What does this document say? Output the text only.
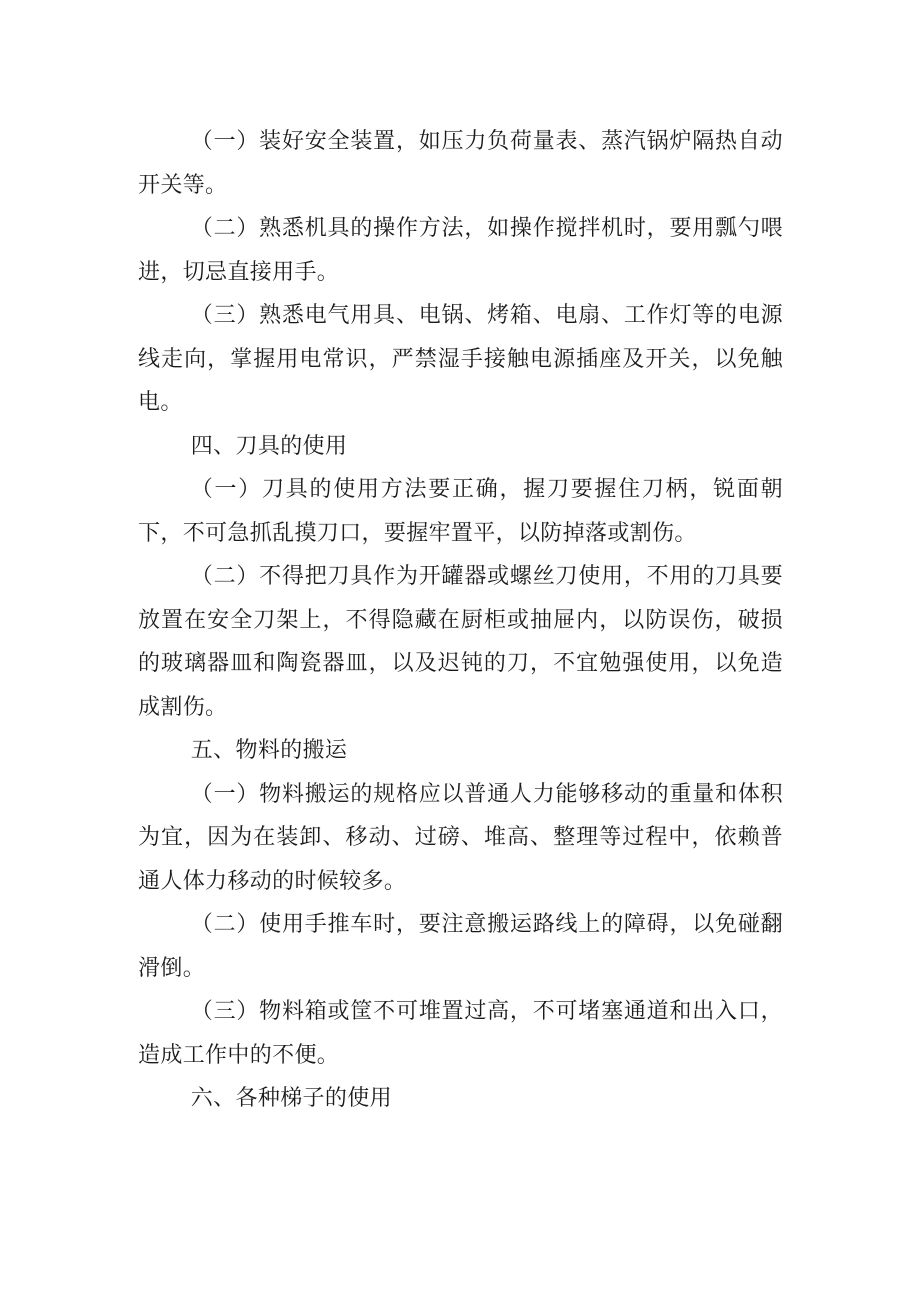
（一）装好安全装置，如压力负荷量表、蒸汽锅炉隔热自动开关等。

（二）熟悉机具的操作方法，如操作搅拌机时，要用瓢勺喂进，切忌直接用手。

（三）熟悉电气用具、电锅、烤箱、电扇、工作灯等的电源线走向，掌握用电常识，严禁湿手接触电源插座及开关，以免触电。

四、刀具的使用

（一）刀具的使用方法要正确，握刀要握住刀柄，锐面朝下，不可急抓乱摸刀口，要握牢置平，以防掉落或割伤。

（二）不得把刀具作为开罐器或螺丝刀使用，不用的刀具要放置在安全刀架上，不得隐藏在厨柜或抽屉内，以防误伤，破损的玻璃器皿和陶瓷器皿，以及迟钝的刀，不宜勉强使用，以免造成割伤。

五、物料的搬运

（一）物料搬运的规格应以普通人力能够移动的重量和体积为宜，因为在装卸、移动、过磅、堆高、整理等过程中，依赖普通人体力移动的时候较多。

（二）使用手推车时，要注意搬运路线上的障碍，以免碰翻滑倒。

（三）物料箱或筐不可堆置过高，不可堵塞通道和出入口，造成工作中的不便。

六、各种梯子的使用
